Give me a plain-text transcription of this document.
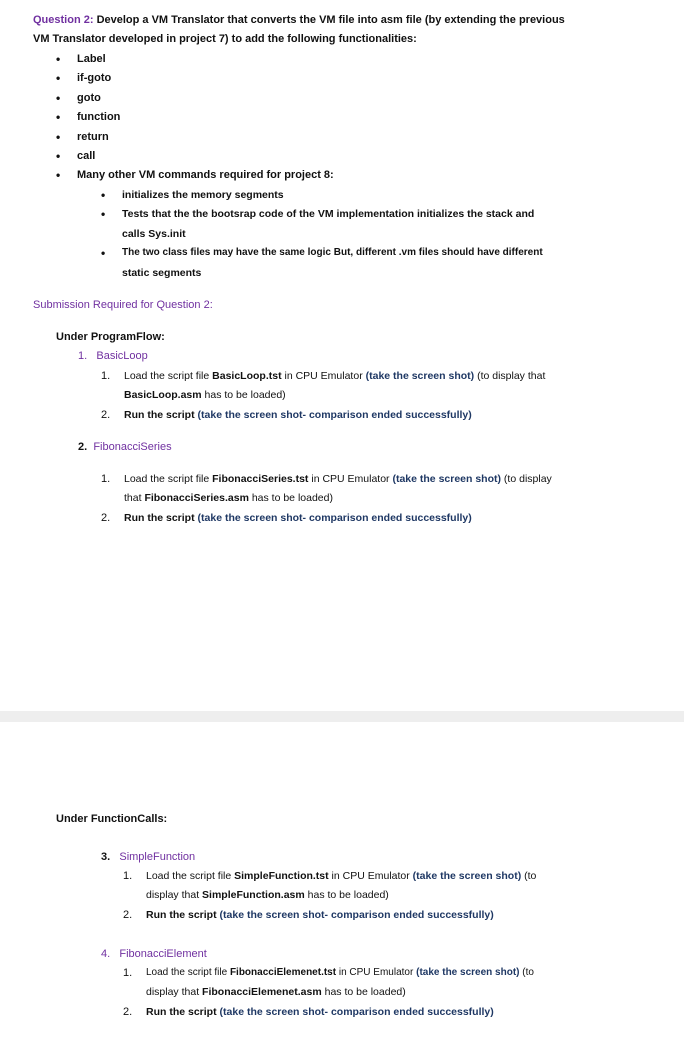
Question 2: Develop a VM Translator that converts the VM file into asm file (by extending the previous
VM Translator developed in project 7) to add the following functionalities:
• Label
• if-goto
• goto
• function
• return
• call
• Many other VM commands required for project 8:
• initializes the memory segments
• Tests that the the bootsrap code of the VM implementation initializes the stack and
calls Sys.init
• The two class files may have the same logic But, different .vm files should have different
static segments
Submission Required for Question 2:
Under ProgramFlow:
1. BasicLoop
1. Load the script file BasicLoop.tst in CPU Emulator (take the screen shot) (to display that
BasicLoop.asm has to be loaded)
2. Run the script (take the screen shot- comparison ended successfully)
2. FibonacciSeries
1. Load the script file FibonacciSeries.tst in CPU Emulator (take the screen shot) (to display
that FibonacciSeries.asm has to be loaded)
2. Run the script (take the screen shot- comparison ended successfully)
Under FunctionCalls:
3. SimpleFunction
1. Load the script file SimpleFunction.tst in CPU Emulator (take the screen shot) (to
display that SimpleFunction.asm has to be loaded)
2. Run the script (take the screen shot- comparison ended successfully)
4. FibonacciElement
1. Load the script file FibonacciElemenet.tst in CPU Emulator (take the screen shot) (to
display that FibonacciElemenet.asm has to be loaded)
2. Run the script (take the screen shot- comparison ended successfully)
